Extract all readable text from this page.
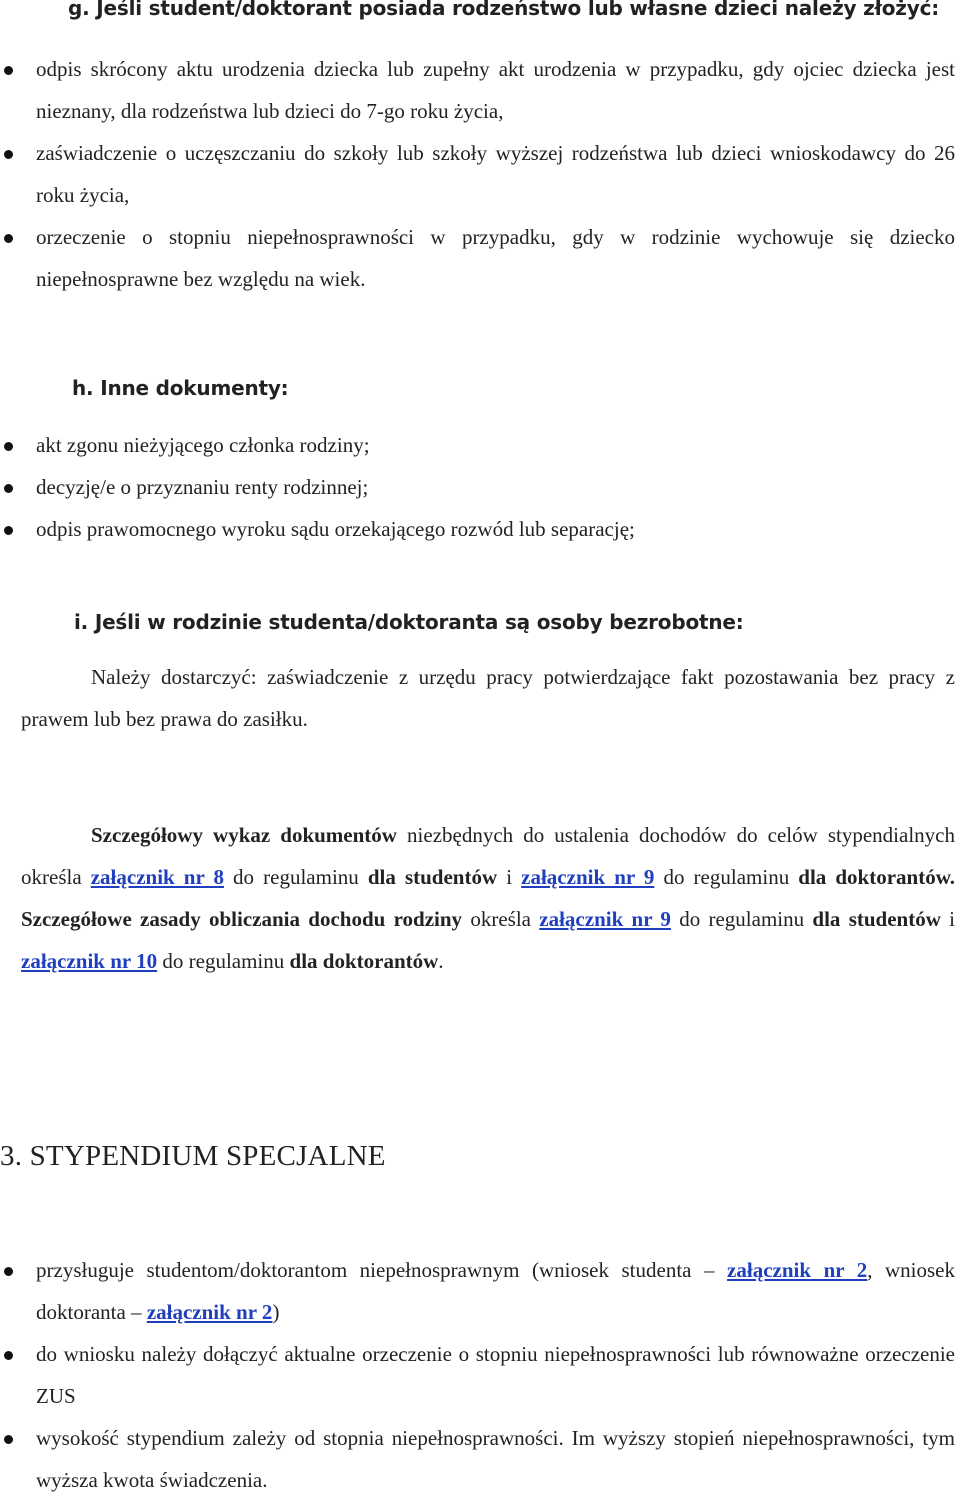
g. Jeśli student/doktorant posiada rodzeństwo lub własne dzieci należy złożyć:
odpis skrócony aktu urodzenia dziecka lub zupełny akt urodzenia w przypadku, gdy ojciec dziecka jest nieznany, dla rodzeństwa lub dzieci do 7-go roku życia,
zaświadczenie o uczęszczaniu do szkoły lub szkoły wyższej rodzeństwa lub dzieci wnioskodawcy do 26 roku życia,
orzeczenie o stopniu niepełnosprawności w przypadku, gdy w rodzinie wychowuje się dziecko niepełnosprawne bez względu na wiek.
h. Inne dokumenty:
akt zgonu nieżyjącego członka rodziny;
decyzję/e o przyznaniu renty rodzinnej;
odpis prawomocnego wyroku sądu orzekającego rozwód lub separację;
i. Jeśli w rodzinie studenta/doktoranta są osoby bezrobotne:
Należy dostarczyć: zaświadczenie z urzędu pracy potwierdzające fakt pozostawania bez pracy z prawem lub bez prawa do zasiłku.
Szczegółowy wykaz dokumentów niezbędnych do ustalenia dochodów do celów stypendialnych określa załącznik nr 8 do regulaminu dla studentów i załącznik nr 9 do regulaminu dla doktorantów. Szczegółowe zasady obliczania dochodu rodziny określa załącznik nr 9 do regulaminu dla studentów i załącznik nr 10 do regulaminu dla doktorantów.
3. STYPENDIUM SPECJALNE
przysługuje studentom/doktorantom niepełnosprawnym (wniosek studenta – załącznik nr 2, wniosek doktoranta – załącznik nr 2)
do wniosku należy dołączyć aktualne orzeczenie o stopniu niepełnosprawności lub równoważne orzeczenie ZUS
wysokość stypendium zależy od stopnia niepełnosprawności. Im wyższy stopień niepełnosprawności, tym wyższa kwota świadczenia.
